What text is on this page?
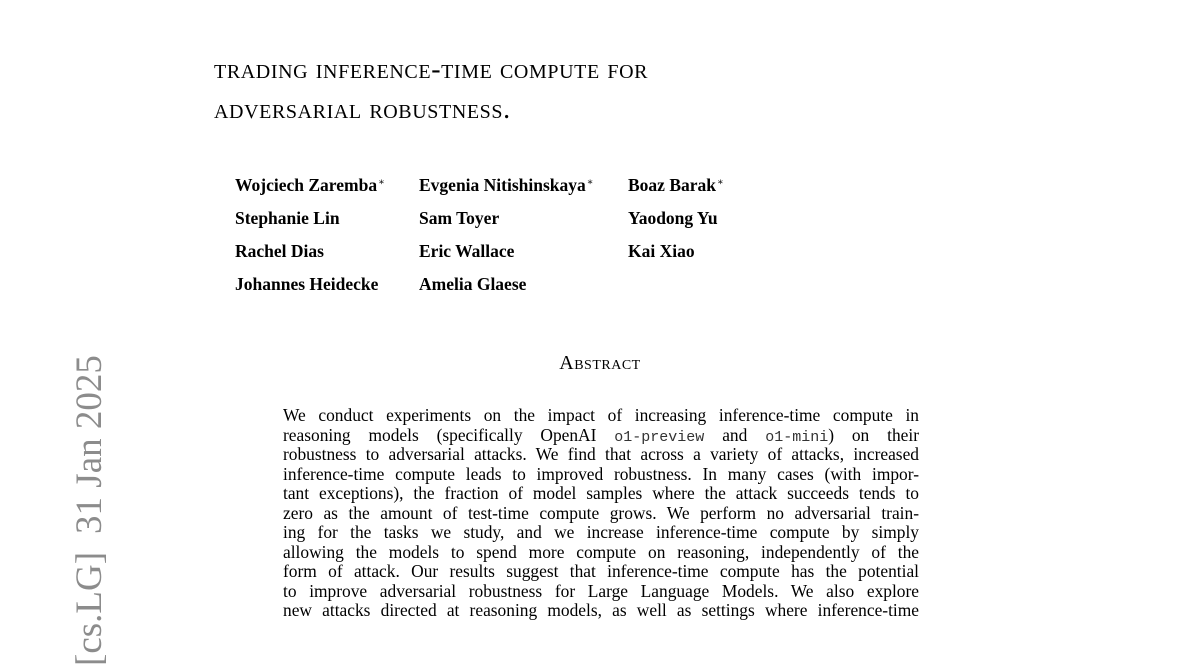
[cs.LG]31 Jan 2025
trading inference-time compute for
adversarial robustness.
Wojciech Zaremba∗	Evgenia Nitishinskaya∗	Boaz Barak∗
Stephanie Lin	Sam Toyer	Yaodong Yu
Rachel Dias	Eric Wallace	Kai Xiao
Johannes Heidecke	Amelia Glaese
Abstract
We conduct experiments on the impact of increasing inference-time compute in
reasoning models (specifically OpenAI o1-preview and o1-mini) on their
robustness to adversarial attacks. We find that across a variety of attacks, increased
inference-time compute leads to improved robustness. In many cases (with impor-
tant exceptions), the fraction of model samples where the attack succeeds tends to
zero as the amount of test-time compute grows. We perform no adversarial train-
ing for the tasks we study, and we increase inference-time compute by simply
allowing the models to spend more compute on reasoning, independently of the
form of attack. Our results suggest that inference-time compute has the potential
to improve adversarial robustness for Large Language Models. We also explore
new attacks directed at reasoning models, as well as settings where inference-time
